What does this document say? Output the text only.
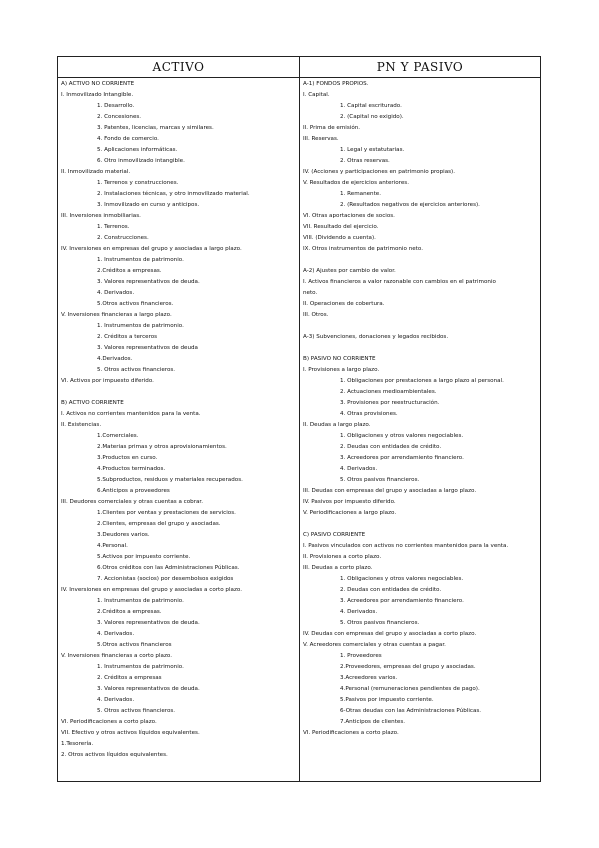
ACTIVO
A) ACTIVO NO CORRIENTE
I. Inmovilizado Intangible.
1. Desarrollo.
2. Concesiones.
3. Patentes, licencias, marcas y similares.
4. Fondo de comercio.
5. Aplicaciones informáticas.
6. Otro inmovilizado intangible.
II. Inmovilizado material.
1. Terrenos y construcciones.
2. Instalaciones técnicas, y otro inmovilizado material.
3. Inmovilizado en curso y anticipos.
III. Inversiones inmobiliarias.
1. Terrenos.
2. Construcciones.
IV. Inversiones en empresas del grupo y asociadas a largo plazo.
1. Instrumentos de patrimonio.
2.Créditos a empresas.
3. Valores representativos de deuda.
4. Derivados.
5.Otros activos financieros.
V. Inversiones financieras a largo plazo.
1. Instrumentos de patrimonio.
2. Créditos a terceros
3. Valores representativos de deuda
4.Derivados.
5. Otros activos financieros.
VI. Activos por impuesto diferido.
B) ACTIVO CORRIENTE
I. Activos no corrientes mantenidos para la venta.
II. Existencias.
1.Comerciales.
2.Materias primas y otros aprovisionamientos.
3.Productos en curso.
4.Productos terminados.
5.Subproductos, residuos y materiales recuperados.
6.Anticipos a proveedores
III. Deudores comerciales y otras cuentas a cobrar.
1.Clientes por ventas y prestaciones de servicios.
2.Clientes, empresas del grupo y asociadas.
3.Deudores varios.
4.Personal.
5.Activos por impuesto corriente.
6.Otros créditos con las Administraciones Públicas.
7. Accionistas (socios) por desembolsos exigidos
IV. Inversiones en empresas del grupo y asociadas a corto plazo.
1. Instrumentos de patrimonio.
2.Créditos a empresas.
3. Valores representativos de deuda.
4. Derivados.
5.Otros activos financieros
V. Inversiones financieras a corto plazo.
1. Instrumentos de patrimonio.
2. Créditos a empresas
3. Valores representativos de deuda.
4. Derivados.
5. Otros activos financieros.
VI. Periodificaciones a corto plazo.
VII. Efectivo y otros activos líquidos equivalentes.
1.Tesorería.
2. Otros activos líquidos equivalentes.
PN Y PASIVO
A-1) FONDOS PROPIOS.
I. Capital.
1. Capital escriturado.
2. (Capital no exigido).
II. Prima de emisión.
III. Reservas.
1. Legal y estatutarias.
2. Otras reservas.
IV. (Acciones y participaciones en patrimonio propias).
V. Resultados de ejercicios anteriores.
1. Remanente.
2. (Resultados negativos de ejercicios anteriores).
VI. Otras aportaciones de socios.
VII. Resultado del ejercicio.
VIII. (Dividendo a cuenta).
IX. Otros instrumentos de patrimonio neto.
A-2) Ajustes por cambio de valor.
I. Activos financieros a valor razonable con cambios en el patrimonio
neto.
II. Operaciones de cobertura.
III. Otros.
A-3) Subvenciones, donaciones y legados recibidos.
B) PASIVO NO CORRIENTE
I. Provisiones a largo plazo.
1. Obligaciones por prestaciones a largo plazo al personal.
2. Actuaciones medioambientales.
3. Provisiones por reestructuración.
4. Otras provisiones.
II. Deudas a largo plazo.
1. Obligaciones y otros valores negociables.
2. Deudas con entidades de crédito.
3. Acreedores por arrendamiento financiero.
4. Derivados.
5. Otros pasivos financieros.
III. Deudas con empresas del grupo y asociadas a largo plazo.
IV. Pasivos por impuesto diferido.
V. Periodificaciones a largo plazo.
C) PASIVO CORRIENTE
I. Pasivos vinculados con activos no corrientes mantenidos para la venta.
II. Provisiones a corto plazo.
III. Deudas a corto plazo.
1. Obligaciones y otros valores negociables.
2. Deudas con entidades de crédito.
3. Acreedores por arrendamiento financiero.
4. Derivados.
5. Otros pasivos financieros.
IV. Deudas con empresas del grupo y asociadas a corto plazo.
V. Acreedores comerciales y otras cuentas a pagar.
1. Proveedores
2.Proveedores, empresas del grupo y asociadas.
3.Acreedores varios.
4.Personal (remuneraciones pendientes de pago).
5.Pasivos por impuesto corriente.
6-Otras deudas con las Administraciones Públicas.
7.Anticipos de clientes.
VI. Periodificaciones a corto plazo.
